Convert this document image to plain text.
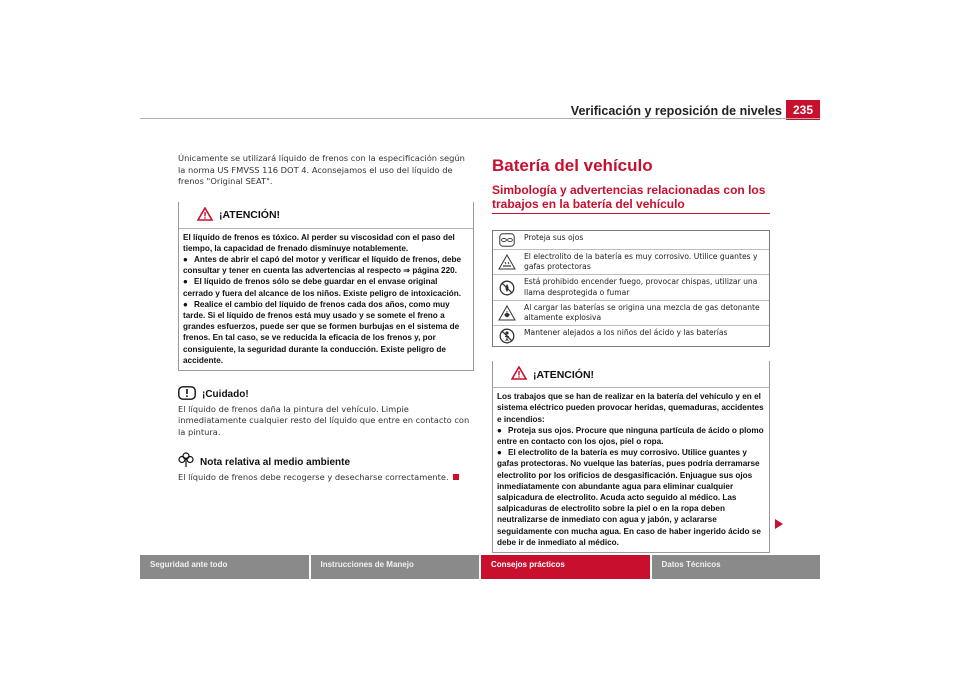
Verificación y reposición de niveles 235

Únicamente se utilizará líquido de frenos con la especificación según la norma US FMVSS 116 DOT 4. Aconsejamos el uso del líquido de frenos "Original SEAT".

¡ATENCIÓN!

El líquido de frenos es tóxico. Al perder su viscosidad con el paso del tiempo, la capacidad de frenado disminuye notablemente.

● Antes de abrir el capó del motor y verificar el líquido de frenos, debe consultar y tener en cuenta las advertencias al respecto ⇒ página 220.

● El líquido de frenos sólo se debe guardar en el envase original cerrado y fuera del alcance de los niños. Existe peligro de intoxicación.

● Realice el cambio del líquido de frenos cada dos años, como muy tarde. Si el líquido de frenos está muy usado y se somete el freno a grandes esfuerzos, puede ser que se formen burbujas en el sistema de frenos. En tal caso, se ve reducida la eficacia de los frenos y, por consiguiente, la seguridad durante la conducción. Existe peligro de accidente.

¡Cuidado!

El líquido de frenos daña la pintura del vehículo. Limpie inmediatamente cualquier resto del líquido que entre en contacto con la pintura.

Nota relativa al medio ambiente

El líquido de frenos debe recogerse y desecharse correctamente.

Batería del vehículo
Simbología y advertencias relacionadas con los trabajos en la batería del vehículo
Proteja sus ojos
El electrolito de la batería es muy corrosivo. Utilice guantes y gafas protectoras
Está prohibido encender fuego, provocar chispas, utilizar una llama desprotegida o fumar
Al cargar las baterías se origina una mezcla de gas detonante altamente explosiva
Mantener alejados a los niños del ácido y las baterías
¡ATENCIÓN!

Los trabajos que se han de realizar en la batería del vehículo y en el sistema eléctrico pueden provocar heridas, quemaduras, accidentes e incendios:

● Proteja sus ojos. Procure que ninguna partícula de ácido o plomo entre en contacto con los ojos, piel o ropa.

● El electrolito de la batería es muy corrosivo. Utilice guantes y gafas protectoras. No vuelque las baterías, pues podría derramarse electrolito por los orificios de desgasificación. Enjuague sus ojos inmediatamente con abundante agua para eliminar cualquier salpicadura de electrolito. Acuda acto seguido al médico. Las salpicaduras de electrolito sobre la piel o en la ropa deben neutralizarse de inmediato con agua y jabón, y aclararse seguidamente con mucha agua. En caso de haber ingerido ácido se debe ir de inmediato al médico.

Seguridad ante todo	Instrucciones de Manejo	Consejos prácticos	Datos Técnicos
